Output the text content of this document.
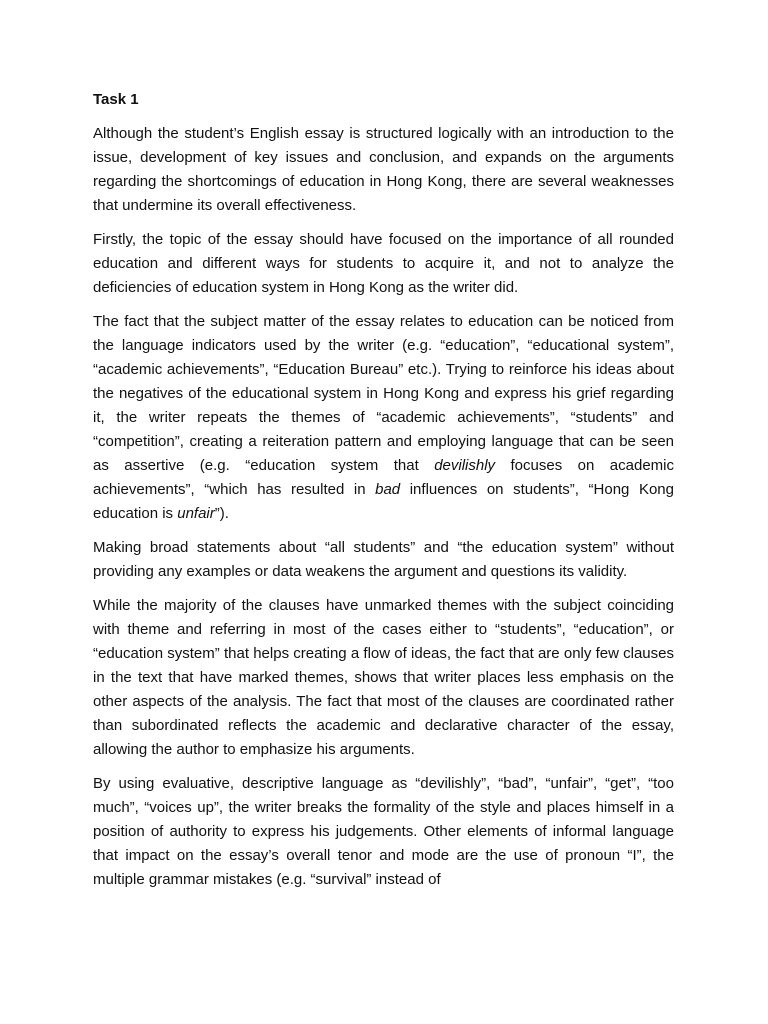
Task 1

Although the student’s English essay is structured logically with an introduction to the issue, development of key issues and conclusion, and expands on the arguments regarding the shortcomings of education in Hong Kong, there are several weaknesses that undermine its overall effectiveness.

Firstly, the topic of the essay should have focused on the importance of all rounded education and different ways for students to acquire it, and not to analyze the deficiencies of education system in Hong Kong as the writer did.

The fact that the subject matter of the essay relates to education can be noticed from the language indicators used by the writer (e.g. “education”, “educational system”, “academic achievements”, “Education Bureau” etc.). Trying to reinforce his ideas about the negatives of the educational system in Hong Kong and express his grief regarding it, the writer repeats the themes of “academic achievements”, “students” and “competition”, creating a reiteration pattern and employing language that can be seen as assertive (e.g. “education system that devilishly focuses on academic achievements”, “which has resulted in bad influences on students”, “Hong Kong education is unfair”).

Making broad statements about “all students” and “the education system” without providing any examples or data weakens the argument and questions its validity.

While the majority of the clauses have unmarked themes with the subject coinciding with theme and referring in most of the cases either to “students”, “education”, or “education system” that helps creating a flow of ideas, the fact that are only few clauses in the text that have marked themes, shows that writer places less emphasis on the other aspects of the analysis. The fact that most of the clauses are coordinated rather than subordinated reflects the academic and declarative character of the essay, allowing the author to emphasize his arguments.

By using evaluative, descriptive language as “devilishly”, “bad”, “unfair”, “get”, “too much”, “voices up”, the writer breaks the formality of the style and places himself in a position of authority to express his judgements. Other elements of informal language that impact on the essay’s overall tenor and mode are the use of pronoun “I”, the multiple grammar mistakes (e.g. “survival” instead of
